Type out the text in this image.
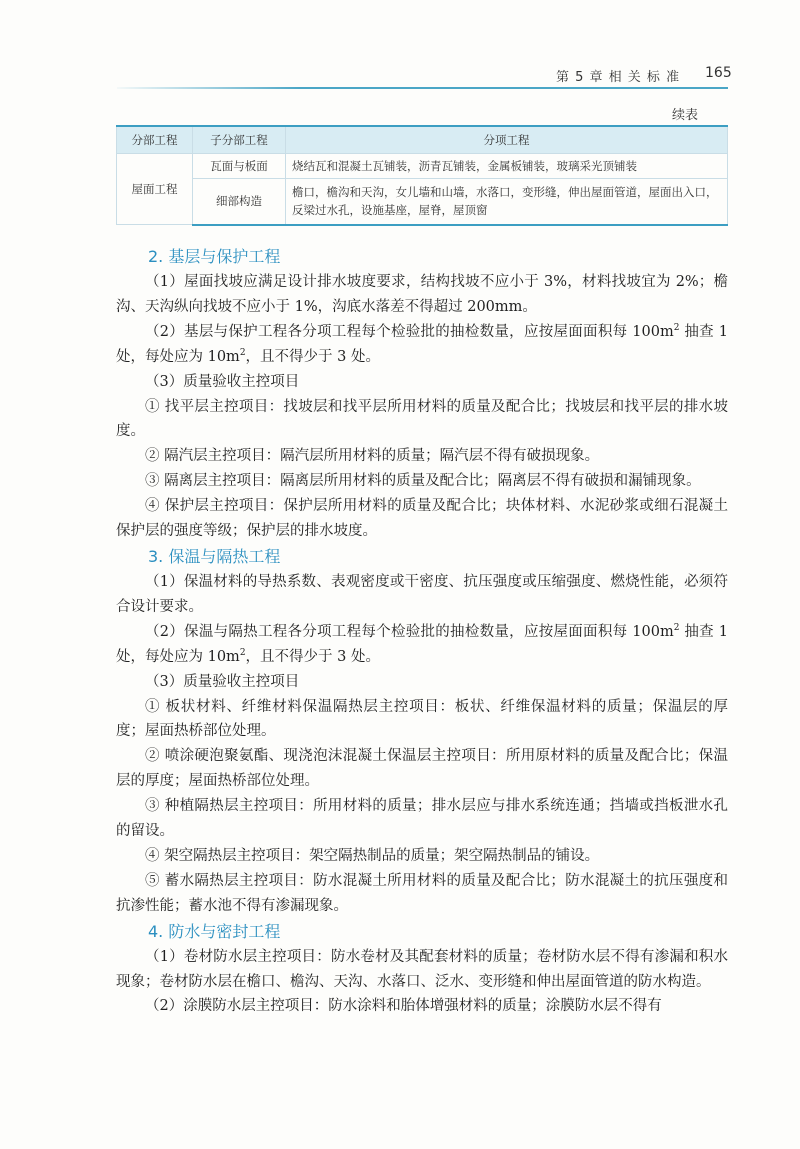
第 5 章 相 关 标 准 165
续表
分部工程	子分部工程	分项工程
屋面工程	瓦面与板面	烧结瓦和混凝土瓦铺装，沥青瓦铺装，金属板铺装，玻璃采光顶铺装
	细部构造	檐口，檐沟和天沟，女儿墙和山墙，水落口，变形缝，伸出屋面管道，屋面出入口，反梁过水孔，设施基座，屋脊，屋顶窗
2. 基层与保护工程

（1）屋面找坡应满足设计排水坡度要求，结构找坡不应小于 3%，材料找坡宜为 2%；檐沟、天沟纵向找坡不应小于 1%，沟底水落差不得超过 200mm。

（2）基层与保护工程各分项工程每个检验批的抽检数量，应按屋面面积每 $100m^2$ 抽查 1 处，每处应为 $10m^2$，且不得少于 3 处。

（3）质量验收主控项目

① 找平层主控项目：找坡层和找平层所用材料的质量及配合比；找坡层和找平层的排水坡度。

② 隔汽层主控项目：隔汽层所用材料的质量；隔汽层不得有破损现象。

③ 隔离层主控项目：隔离层所用材料的质量及配合比；隔离层不得有破损和漏铺现象。

④ 保护层主控项目：保护层所用材料的质量及配合比；块体材料、水泥砂浆或细石混凝土保护层的强度等级；保护层的排水坡度。

3. 保温与隔热工程

（1）保温材料的导热系数、表观密度或干密度、抗压强度或压缩强度、燃烧性能，必须符合设计要求。

（2）保温与隔热工程各分项工程每个检验批的抽检数量，应按屋面面积每 $100m^2$ 抽查 1 处，每处应为 $10m^2$，且不得少于 3 处。

（3）质量验收主控项目

① 板状材料、纤维材料保温隔热层主控项目：板状、纤维保温材料的质量；保温层的厚度；屋面热桥部位处理。

② 喷涂硬泡聚氨酯、现浇泡沫混凝土保温层主控项目：所用原材料的质量及配合比；保温层的厚度；屋面热桥部位处理。

③ 种植隔热层主控项目：所用材料的质量；排水层应与排水系统连通；挡墙或挡板泄水孔的留设。

④ 架空隔热层主控项目：架空隔热制品的质量；架空隔热制品的铺设。

⑤ 蓄水隔热层主控项目：防水混凝土所用材料的质量及配合比；防水混凝土的抗压强度和抗渗性能；蓄水池不得有渗漏现象。

4. 防水与密封工程

（1）卷材防水层主控项目：防水卷材及其配套材料的质量；卷材防水层不得有渗漏和积水现象；卷材防水层在檐口、檐沟、天沟、水落口、泛水、变形缝和伸出屋面管道的防水构造。

（2）涂膜防水层主控项目：防水涂料和胎体增强材料的质量；涂膜防水层不得有
